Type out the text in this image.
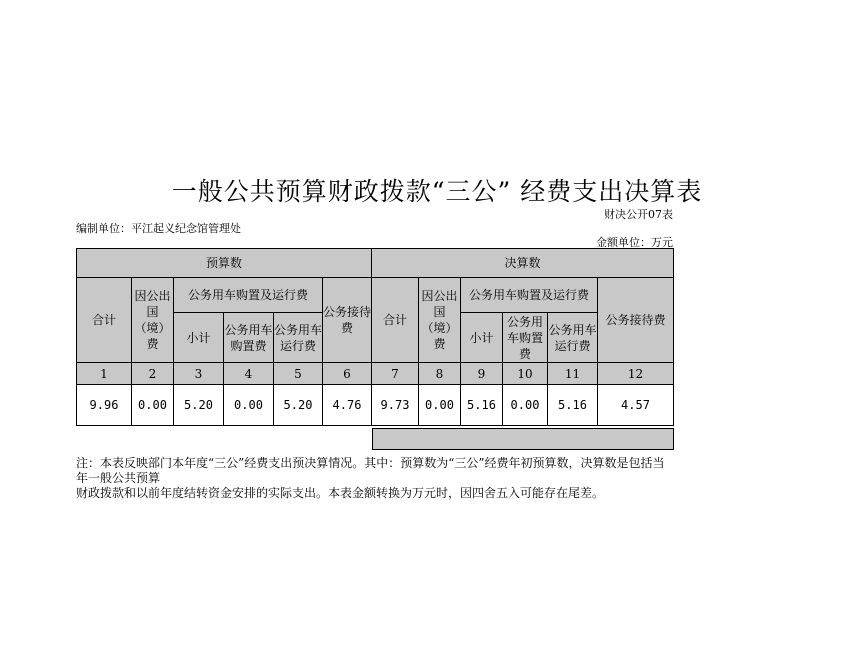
一般公共预算财政拨款“三公” 经费支出决算表
财决公开07表
编制单位：平江起义纪念馆管理处
金额单位：万元
预算数						决算数					
合计	因公出国（境）费	公务用车购置及运行费			公务接待费	合计	因公出国（境）费	公务用车购置及运行费			公务接待费
		小计	公务用车购置费	公务用车运行费				小计	公务用车购置费	公务用车运行费	
1	2	3	4	5	6	7	8	9	10	11	12
9.96	0.00	5.20	0.00	5.20	4.76	9.73	0.00	5.16	0.00	5.16	4.57
注：本表反映部门本年度“三公”经费支出预决算情况。其中：预算数为“三公”经费年初预算数，决算数是包括当
年一般公共预算
财政拨款和以前年度结转资金安排的实际支出。本表金额转换为万元时，因四舍五入可能存在尾差。
